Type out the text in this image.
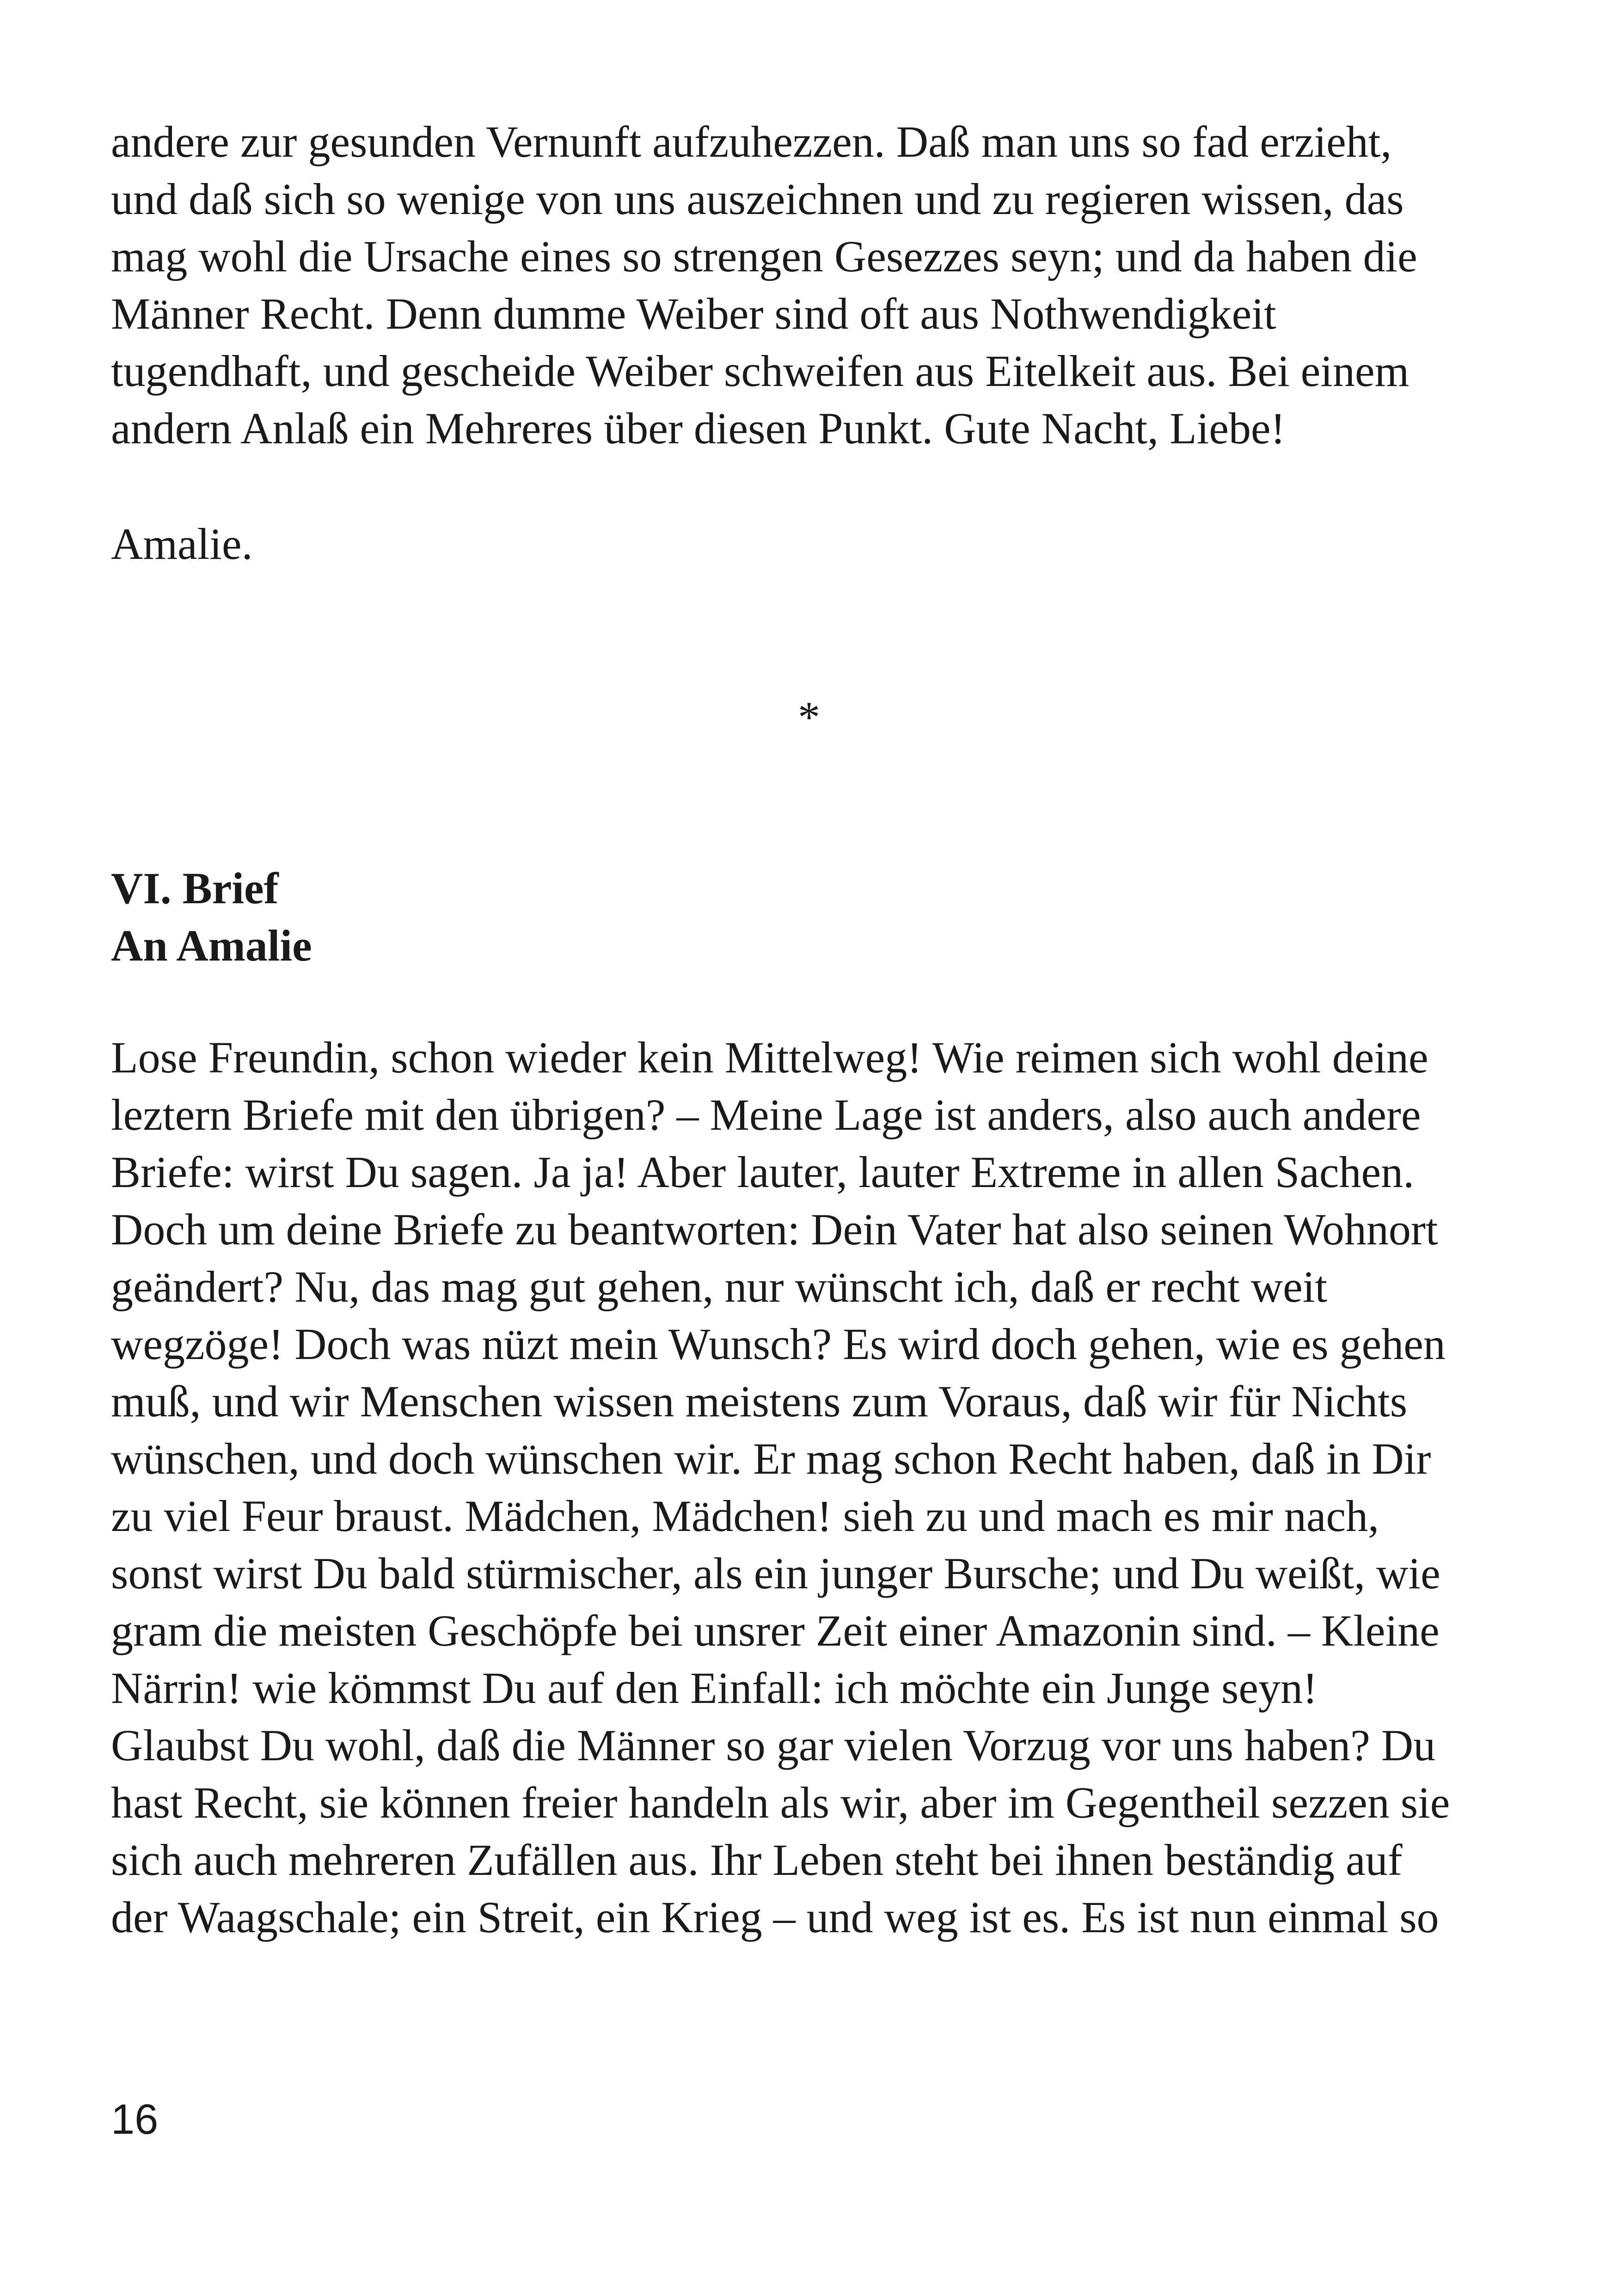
andere zur gesunden Vernunft aufzuhezzen. Daß man uns so fad erzieht,
und daß sich so wenige von uns auszeichnen und zu regieren wissen, das
mag wohl die Ursache eines so strengen Gesezzes seyn; und da haben die
Männer Recht. Denn dumme Weiber sind oft aus Nothwendigkeit
tugendhaft, und gescheide Weiber schweifen aus Eitelkeit aus. Bei einem
andern Anlaß ein Mehreres über diesen Punkt. Gute Nacht, Liebe!

Amalie.

*

VI. Brief
An Amalie

Lose Freundin, schon wieder kein Mittelweg! Wie reimen sich wohl deine
leztern Briefe mit den übrigen? – Meine Lage ist anders, also auch andere
Briefe: wirst Du sagen. Ja ja! Aber lauter, lauter Extreme in allen Sachen.
Doch um deine Briefe zu beantworten: Dein Vater hat also seinen Wohnort
geändert? Nu, das mag gut gehen, nur wünscht ich, daß er recht weit
wegzöge! Doch was nüzt mein Wunsch? Es wird doch gehen, wie es gehen
muß, und wir Menschen wissen meistens zum Voraus, daß wir für Nichts
wünschen, und doch wünschen wir. Er mag schon Recht haben, daß in Dir
zu viel Feur braust. Mädchen, Mädchen! sieh zu und mach es mir nach,
sonst wirst Du bald stürmischer, als ein junger Bursche; und Du weißt, wie
gram die meisten Geschöpfe bei unsrer Zeit einer Amazonin sind. – Kleine
Närrin! wie kömmst Du auf den Einfall: ich möchte ein Junge seyn!
Glaubst Du wohl, daß die Männer so gar vielen Vorzug vor uns haben? Du
hast Recht, sie können freier handeln als wir, aber im Gegentheil sezzen sie
sich auch mehreren Zufällen aus. Ihr Leben steht bei ihnen beständig auf
der Waagschale; ein Streit, ein Krieg – und weg ist es. Es ist nun einmal so

16
